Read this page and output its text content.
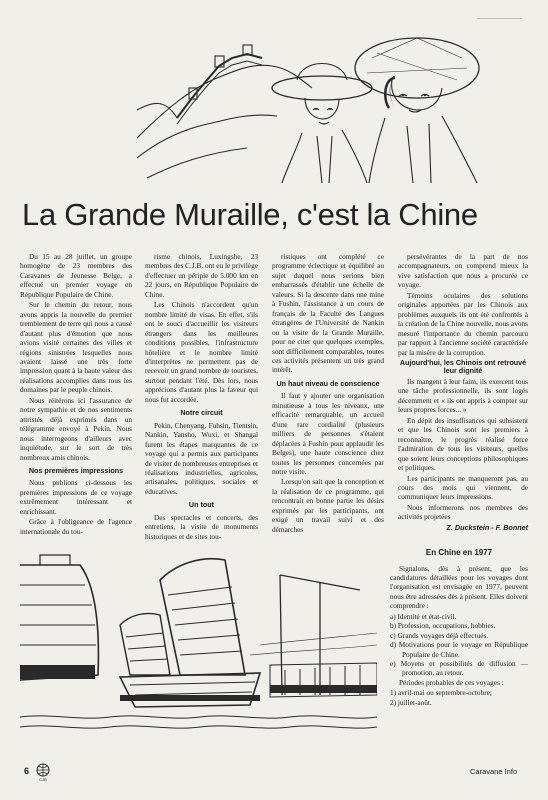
La Grande Muraille, c'est la Chine

Du 15 au 28 juillet, un groupe homogène de 23 membres des Caravanes de Jeunesse Belge, a effectué un premier voyage en République Populaire de Chine.

Sur le chemin du retour, nous avons appris la nouvelle du premier tremblement de terre qui nous a causé d'autant plus d'émotion que nous avions visité certaines des villes et régions sinistrées lesquelles nous avaient laissé une très forte impression quant à la haute valeur des réalisations accomplies dans tous les domaines par le peuple chinois.

Nous réitérons ici l'assurance de notre sympathie et de nos sentiments attristés déjà exprimés dans un télégramme envoyé à Pekin. Nous nous interrogeons d'ailleurs avec inquiétude, sur le sort de très nombreux amis chinois.

Nos premières impressions

Nous publions ci-dessous les premières impressions de ce voyage extrêmement intéressant et enrichissant.

Grâce à l'obligeance de l'agence internationale du tou-

risme chinois, Luxingshe, 23 membres des C.J.B. ont eu le privilège d'effectuer un périple de 5.000 km en 22 jours, en République Populaire de Chine.

Les Chinois n'accordent qu'un nombre limité de visas. En effet, s'ils ont le souci d'accueillir les visiteurs étrangers dans les meilleures conditions possibles, l'infrastructure hôtelière et le nombre limité d'interprètes ne permettent pas de recevoir un grand nombre de touristes, surtout pendant l'été. Dès lors, nous apprécions d'autant plus la faveur qui nous fut accordée.

Notre circuit

Pekin, Chenyang, Fuhsin, Tientsin, Nankin, Yansho, Wuxi, et Shangaï furent les étapes marquantes de ce voyage qui a permis aux participants de visiter de nombreuses entreprises et réalisations industrielles, agricoles, artisanales, politiques, sociales et éducatives.

Un tout

Des spectacles et concerts, des entretiens, la visite de monuments historiques et de sites tou-

ristiques ont complété ce programme éclectique et équilibré au sujet duquel nous serions bien embarrassés d'établir une échelle de valeurs. Si la descente dans une mine à Fushin, l'assistance à un cours de français de la Faculté des Langues étrangères de l'Université de Nankin ou la visite de la Grande Muraille, pour ne citer que quelques exemples, sont difficilement comparables, toutes ces activités présentent un très grand intérêt.

Un haut niveau de conscience

Il faut y ajouter une organisation minutieuse à tous les niveaux, une efficacité remarquable, un accueil d'une rare cordialité (plusieurs milliers de personnes s'étaient déplacées à Fushin pour applaudir les Belges), une haute conscience chez toutes les personnes concernées par notre visite.

Lorsqu'on sait que la conception et la réalisation de ce programme, qui rencontrait en bonne partie les désirs exprimés par les participants, ont exigé un travail suivi et des démarches

persévérantes de la part de nos accompagnateurs, on comprend mieux la vive satisfaction que nous a procurée ce voyage.

Témoins oculaires des solutions originales apportées par les Chinois aux problèmes auxquels ils ont été confrontés à la création de la Chine nouvelle, nous avons mesuré l'importance du chemin parcouru par rapport à l'ancienne société caractérisée par la misère de la corruption.

Aujourd'hui, les Chinois ont retrouvé leur dignité

Ils mangent à leur faim, ils exercent tous une tâche professionnelle, ils sont logés décemment et « ils ont appris à compter sur leurs propres forces... »

En dépit des insuffisances qui subsistent et que les Chinois sont les premiers à reconnaître, le progrès réalisé force l'admiration de tous les visiteurs, quelles que soient leurs conceptions philosophiques et politiques.

Les participants ne manqueront pas, au cours des mois qui viennent, de communiquer leurs impressions.

Nous informerons nos membres des activités projetées

Z. Duckstein - F. Bonnet
En Chine en 1977

Signalons, dès à présent, que les candidatures détaillées pour les voyages dont l'organisation est envisagée en 1977, peuvent nous être adressées dès à présent. Elles doivent comprendre :

a) Identité et état-civil.
b) Profession, occupations, hobbies.
c) Grands voyages déjà effectués.
d) Motivations pour le voyage en République Populaire de Chine.
e) Moyens et possibilités de diffusion — promotion, au retour.

Périodes probables de ces voyages :

1) avril-mai ou septembre-octobre;
2) juillet-août.
6
CJB
Caravane Info
